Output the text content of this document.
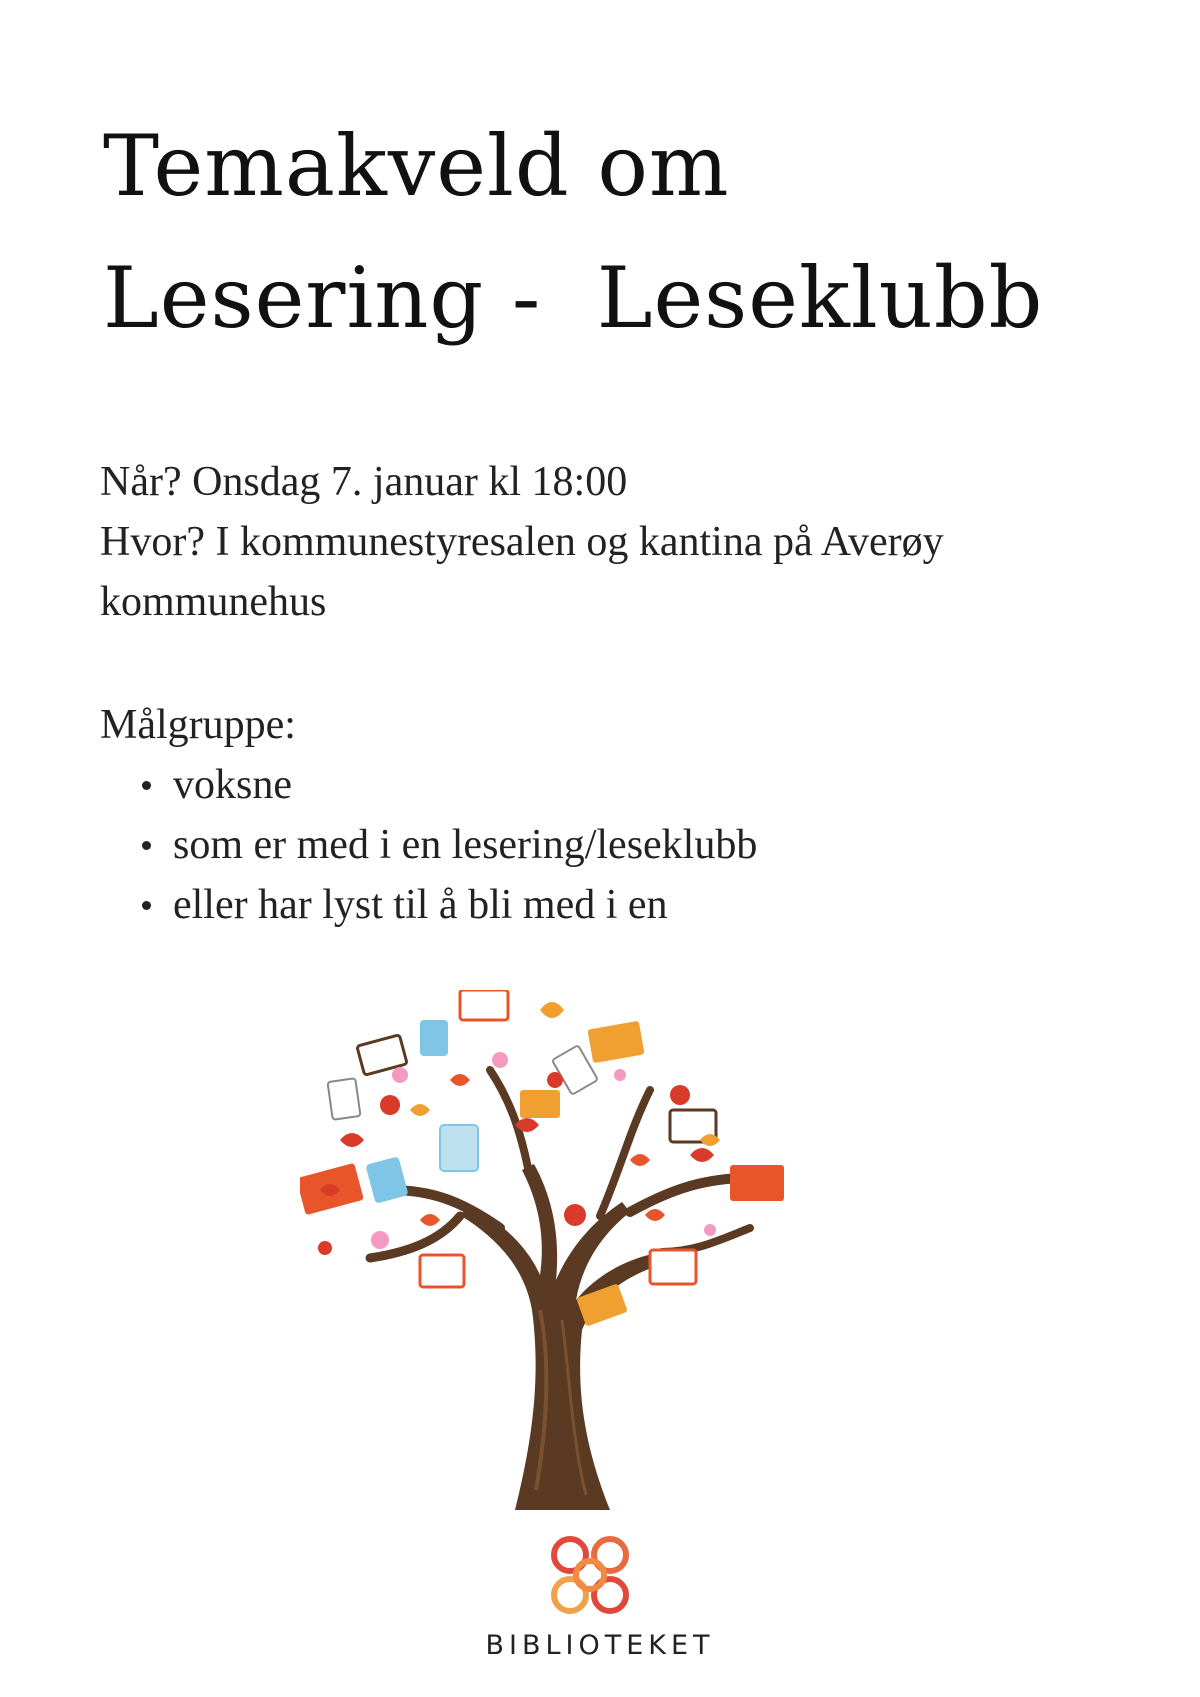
Temakveld om
Lesering -  Leseklubb

Når? Onsdag 7. januar kl 18:00

Hvor? I kommunestyresalen og kantina på Averøy

kommunehus

Målgruppe:

voksne
som er med i en lesering/leseklubb
eller har lyst til å bli med i en
BIBLIOTEKET
